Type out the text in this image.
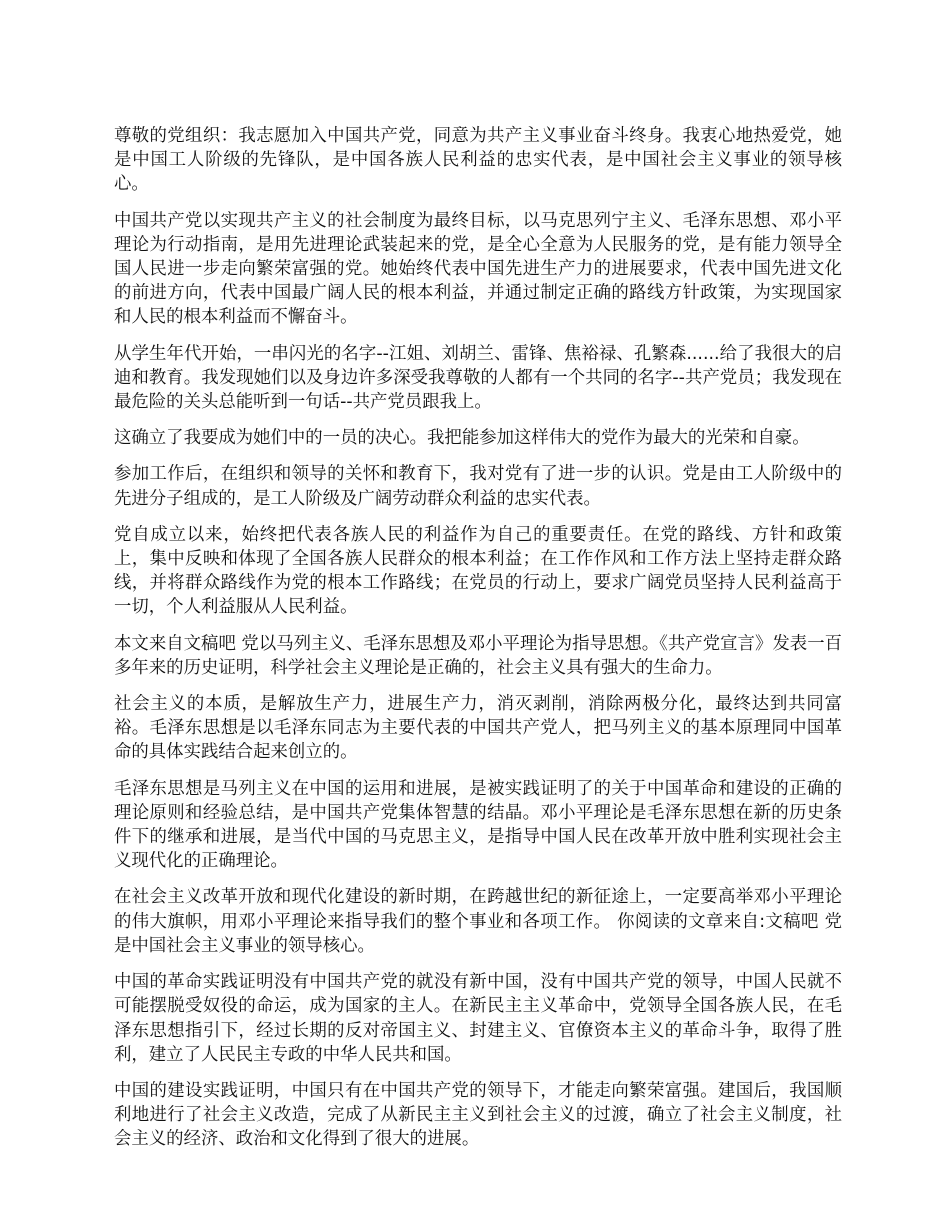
尊敬的党组织：我志愿加入中国共产党，同意为共产主义事业奋斗终身。我衷心地热爱党，她是中国工人阶级的先锋队，是中国各族人民利益的忠实代表，是中国社会主义事业的领导核心。

中国共产党以实现共产主义的社会制度为最终目标，以马克思列宁主义、毛泽东思想、邓小平理论为行动指南，是用先进理论武装起来的党，是全心全意为人民服务的党，是有能力领导全国人民进一步走向繁荣富强的党。她始终代表中国先进生产力的进展要求，代表中国先进文化的前进方向，代表中国最广阔人民的根本利益，并通过制定正确的路线方针政策，为实现国家和人民的根本利益而不懈奋斗。

从学生年代开始，一串闪光的名字--江姐、刘胡兰、雷锋、焦裕禄、孔繁森......给了我很大的启迪和教育。我发现她们以及身边许多深受我尊敬的人都有一个共同的名字--共产党员；我发现在最危险的关头总能听到一句话--共产党员跟我上。

这确立了我要成为她们中的一员的决心。我把能参加这样伟大的党作为最大的光荣和自豪。

参加工作后，在组织和领导的关怀和教育下，我对党有了进一步的认识。党是由工人阶级中的先进分子组成的，是工人阶级及广阔劳动群众利益的忠实代表。

党自成立以来，始终把代表各族人民的利益作为自己的重要责任。在党的路线、方针和政策上，集中反映和体现了全国各族人民群众的根本利益；在工作作风和工作方法上坚持走群众路线，并将群众路线作为党的根本工作路线；在党员的行动上，要求广阔党员坚持人民利益高于一切，个人利益服从人民利益。

本文来自文稿吧 党以马列主义、毛泽东思想及邓小平理论为指导思想。《共产党宣言》发表一百多年来的历史证明，科学社会主义理论是正确的，社会主义具有强大的生命力。

社会主义的本质，是解放生产力，进展生产力，消灭剥削，消除两极分化，最终达到共同富裕。毛泽东思想是以毛泽东同志为主要代表的中国共产党人，把马列主义的基本原理同中国革命的具体实践结合起来创立的。

毛泽东思想是马列主义在中国的运用和进展，是被实践证明了的关于中国革命和建设的正确的理论原则和经验总结，是中国共产党集体智慧的结晶。邓小平理论是毛泽东思想在新的历史条件下的继承和进展，是当代中国的马克思主义，是指导中国人民在改革开放中胜利实现社会主义现代化的正确理论。

在社会主义改革开放和现代化建设的新时期，在跨越世纪的新征途上，一定要高举邓小平理论的伟大旗帜，用邓小平理论来指导我们的整个事业和各项工作。 你阅读的文章来自:文稿吧 党是中国社会主义事业的领导核心。

中国的革命实践证明没有中国共产党的就没有新中国，没有中国共产党的领导，中国人民就不可能摆脱受奴役的命运，成为国家的主人。在新民主主义革命中，党领导全国各族人民，在毛泽东思想指引下，经过长期的反对帝国主义、封建主义、官僚资本主义的革命斗争，取得了胜利，建立了人民民主专政的中华人民共和国。

中国的建设实践证明，中国只有在中国共产党的领导下，才能走向繁荣富强。建国后，我国顺利地进行了社会主义改造，完成了从新民主主义到社会主义的过渡，确立了社会主义制度，社会主义的经济、政治和文化得到了很大的进展。
